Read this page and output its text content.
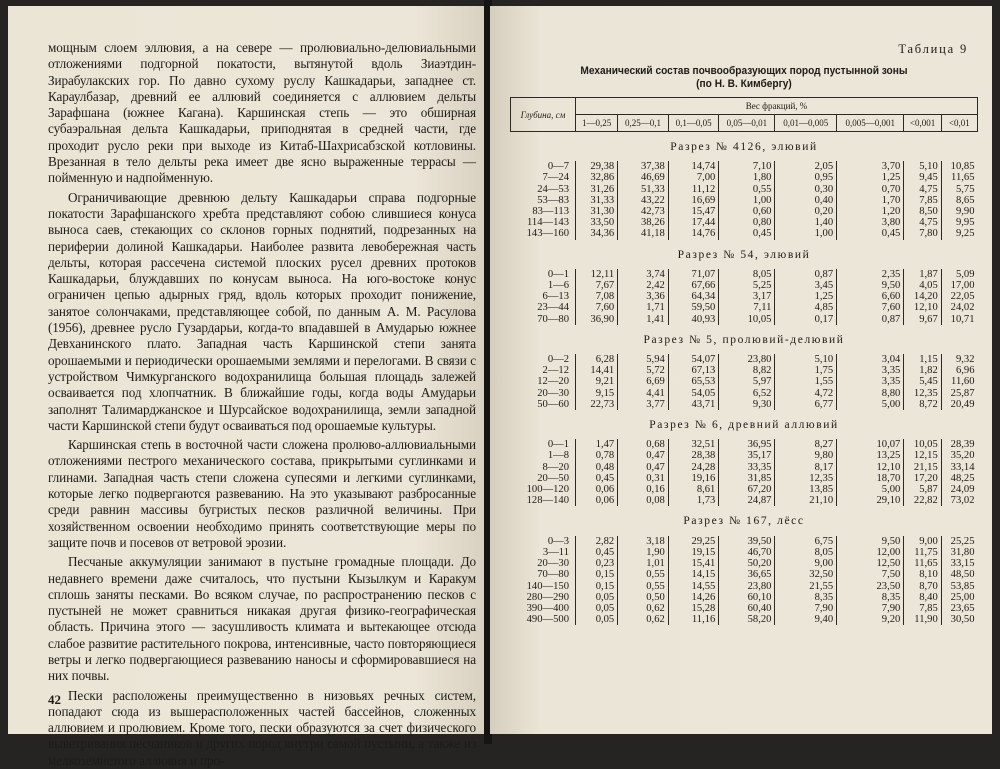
мощным слоем эллювия, а на севере — пролювиально-делювиальными отложениями подгорной покатости, вытянутой вдоль Зиаэтдин-Зирабулакских гор. По давно сухому руслу Кашкадарьи, западнее ст. Караулбазар, древний ее аллювий соединяется с аллювием дельты Зарафшана (южнее Кагана). Каршинская степь — это обширная субаэральная дельта Кашкадарьи, приподнятая в средней части, где проходит русло реки при выходе из Китаб-Шахрисабзской котловины. Врезанная в тело дельты река имеет две ясно выраженные террасы — пойменную и надпойменную.

Ограничивающие древнюю дельту Кашкадарьи справа подгорные покатости Зарафшанского хребта представляют собою слившиеся конуса выноса саев, стекающих со склонов горных поднятий, подрезанных на периферии долиной Кашкадарьи. Наиболее развита левобережная часть дельты, которая рассечена системой плоских русел древних протоков Кашкадарьи, блуждавших по конусам выноса. На юго-востоке конус ограничен цепью адырных гряд, вдоль которых проходит понижение, занятое солончаками, представляющее собой, по данным А. М. Расулова (1956), древнее русло Гузардарьи, когда-то впадавшей в Амударью южнее Девханинского плато. Западная часть Каршинской степи занята орошаемыми и периодически орошаемыми землями и перелогами. В связи с устройством Чимкурганского водохранилища большая площадь залежей осваивается под хлопчатник. В ближайшие годы, когда воды Амударьи заполнят Талимарджанское и Шурсайское водохранилища, земли западной части Каршинской степи будут осваиваться под орошаемые культуры.

Каршинская степь в восточной части сложена пролюво-аллювиальными отложениями пестрого механического состава, прикрытыми суглинками и глинами. Западная часть степи сложена супесями и легкими суглинками, которые легко подвергаются развеванию. На это указывают разбросанные среди равнин массивы бугристых песков различной величины. При хозяйственном освоении необходимо принять соответствующие меры по защите почв и посевов от ветровой эрозии.

Песчаные аккумуляции занимают в пустыне громадные площади. До недавнего времени даже считалось, что пустыни Кызылкум и Каракум сплошь заняты песками. Во всяком случае, по распространению песков с пустыней не может сравниться никакая другая физико-географическая область. Причина этого — засушливость климата и вытекающее отсюда слабое развитие растительного покрова, интенсивные, часто повторяющиеся ветры и легко подвергающиеся развеванию наносы и сформировавшиеся на них почвы.

Пески расположены преимущественно в низовьях речных систем, попадают сюда из вышерасположенных частей бассейнов, сложенных аллювием и пролювием. Кроме того, пески образуются за счет физического выветривания песчаников и других пород внутри самой пустыни, а также из мелкоземистого аллювия и про-

42
Таблица 9
Механический состав почвообразующих пород пустынной зоны
(по Н. В. Кимбергу)
Глубина, см	Вес фракций, %							
	1—0,25	0,25—0,1	0,1—0,05	0,05—0,01	0,01—0,005	0,005—0,001	<0,001	<0,01
Разрез № 4126, элювий								
0—7	29,38	37,38	14,74	7,10	2,05	3,70	5,10	10,85
7—24	32,86	46,69	7,00	1,80	0,95	1,25	9,45	11,65
24—53	31,26	51,33	11,12	0,55	0,30	0,70	4,75	5,75
53—83	31,33	43,22	16,69	1,00	0,40	1,70	7,85	8,65
83—113	31,30	42,73	15,47	0,60	0,20	1,20	8,50	9,90
114—143	33,50	38,26	17,44	0,80	1,40	3,80	4,75	9,95
143—160	34,36	41,18	14,76	0,45	1,00	0,45	7,80	9,25
Разрез № 54, элювий								
0—1	12,11	3,74	71,07	8,05	0,87	2,35	1,87	5,09
1—6	7,67	2,42	67,66	5,25	3,45	9,50	4,05	17,00
6—13	7,08	3,36	64,34	3,17	1,25	6,60	14,20	22,05
23—44	7,60	1,71	59,50	7,11	4,85	7,60	12,10	24,02
70—80	36,90	1,41	40,93	10,05	0,17	0,87	9,67	10,71
Разрез № 5, пролювий-делювий								
0—2	6,28	5,94	54,07	23,80	5,10	3,04	1,15	9,32
2—12	14,41	5,72	67,13	8,82	1,75	3,35	1,82	6,96
12—20	9,21	6,69	65,53	5,97	1,55	3,35	5,45	11,60
20—30	9,15	4,41	54,05	6,52	4,72	8,80	12,35	25,87
50—60	22,73	3,77	43,71	9,30	6,77	5,00	8,72	20,49
Разрез № 6, древний аллювий								
0—1	1,47	0,68	32,51	36,95	8,27	10,07	10,05	28,39
1—8	0,78	0,47	28,38	35,17	9,80	13,25	12,15	35,20
8—20	0,48	0,47	24,28	33,35	8,17	12,10	21,15	33,14
20—50	0,45	0,31	19,16	31,85	12,35	18,70	17,20	48,25
100—120	0,06	0,16	8,61	67,20	13,85	5,00	5,87	24,09
128—140	0,06	0,08	1,73	24,87	21,10	29,10	22,82	73,02
Разрез № 167, лёсс								
0—3	2,82	3,18	29,25	39,50	6,75	9,50	9,00	25,25
3—11	0,45	1,90	19,15	46,70	8,05	12,00	11,75	31,80
20—30	0,23	1,01	15,41	50,20	9,00	12,50	11,65	33,15
70—80	0,15	0,55	14,15	36,65	32,50	7,50	8,10	48,50
140—150	0,15	0,55	14,55	23,80	21,55	23,50	8,70	53,85
280—290	0,05	0,50	14,26	60,10	8,35	8,35	8,40	25,00
390—400	0,05	0,62	15,28	60,40	7,90	7,90	7,85	23,65
490—500	0,05	0,62	11,16	58,20	9,40	9,20	11,90	30,50
